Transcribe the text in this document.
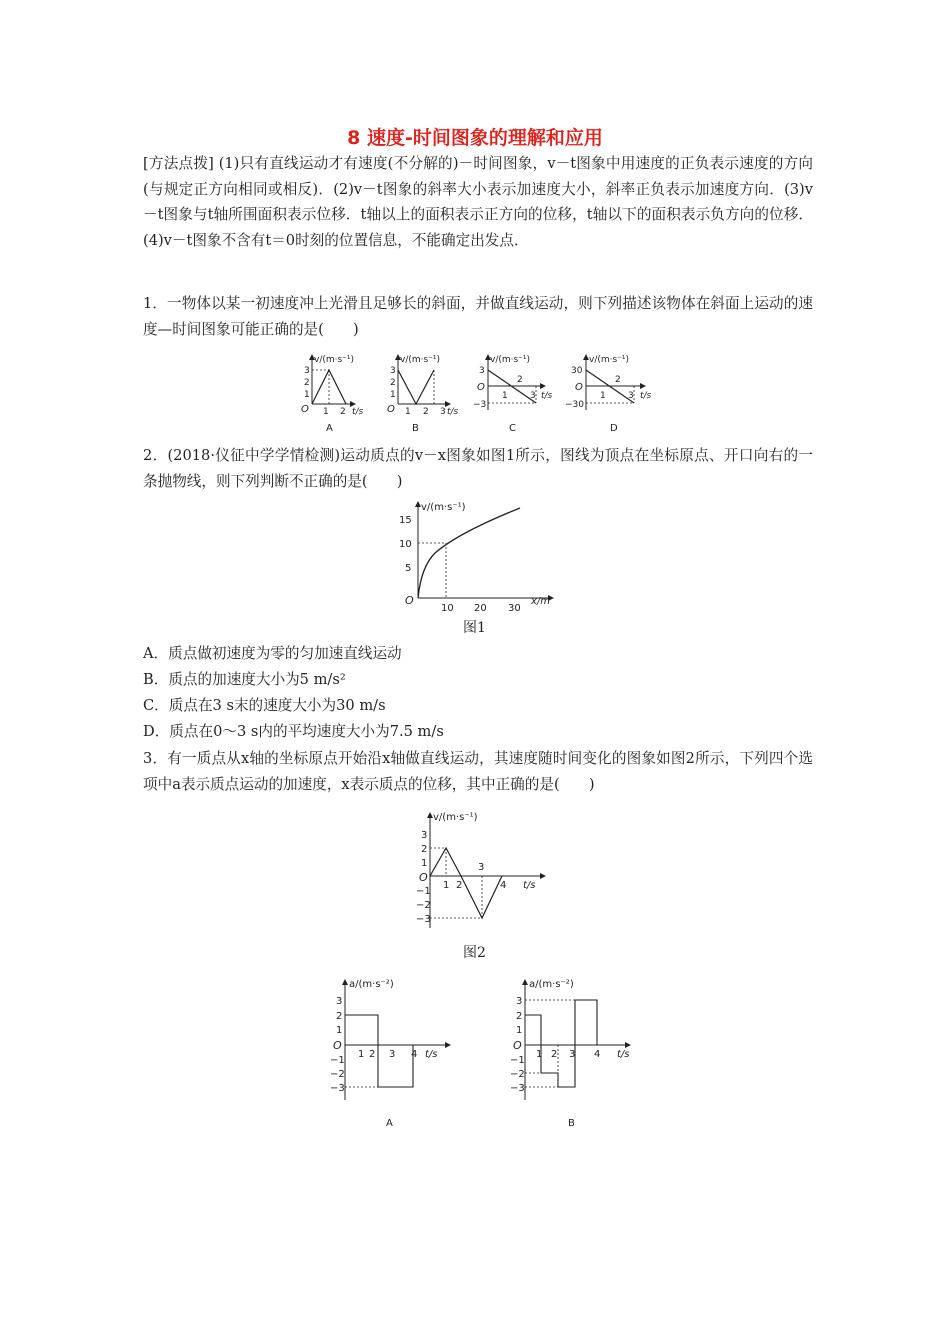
8 速度-时间图象的理解和应用
[方法点拨] (1)只有直线运动才有速度(不分解的)－时间图象，v－t图象中用速度的正负表示速度的方向(与规定正方向相同或相反)．(2)v－t图象的斜率大小表示加速度大小，斜率正负表示加速度方向．(3)v－t图象与t轴所围面积表示位移．t轴以上的面积表示正方向的位移，t轴以下的面积表示负方向的位移．(4)v－t图象不含有t＝0时刻的位置信息，不能确定出发点．
1．一物体以某一初速度冲上光滑且足够长的斜面，并做直线运动，则下列描述该物体在斜面上运动的速度—时间图象可能正确的是(　　)
v/(m·s⁻¹)
t/s
O
3
2
1
1 2
A
v/(m·s⁻¹)
t/s
O
3
2
1
1 2 3
B
v/(m·s⁻¹)
t/s
O
3
−3
1
2
3
C
v/(m·s⁻¹)
t/s
O
30
−30
1
2
3
D
2．(2018·仪征中学学情检测)运动质点的v－x图象如图1所示，图线为顶点在坐标原点、开口向右的一条抛物线，则下列判断不正确的是(　　)
v/(m·s⁻¹)
x/m
O
15
10
5
10 20 30
图1
A．质点做初速度为零的匀加速直线运动
B．质点的加速度大小为5 m/s²
C．质点在3 s末的速度大小为30 m/s
D．质点在0～3 s内的平均速度大小为7.5 m/s
3．有一质点从x轴的坐标原点开始沿x轴做直线运动，其速度随时间变化的图象如图2所示，下列四个选项中a表示质点运动的加速度，x表示质点的位移，其中正确的是(　　)
v/(m·s⁻¹)
t/s
O
3
2
1
−1
−2
−3
1 2
3
4
图2
a/(m·s⁻²)
t/s
O
3
2
1
−1
−2
−3
1 2 3 4
A
a/(m·s⁻²)
t/s
O
3
2
1
−1
−2
−3
1 2 3 4
B
